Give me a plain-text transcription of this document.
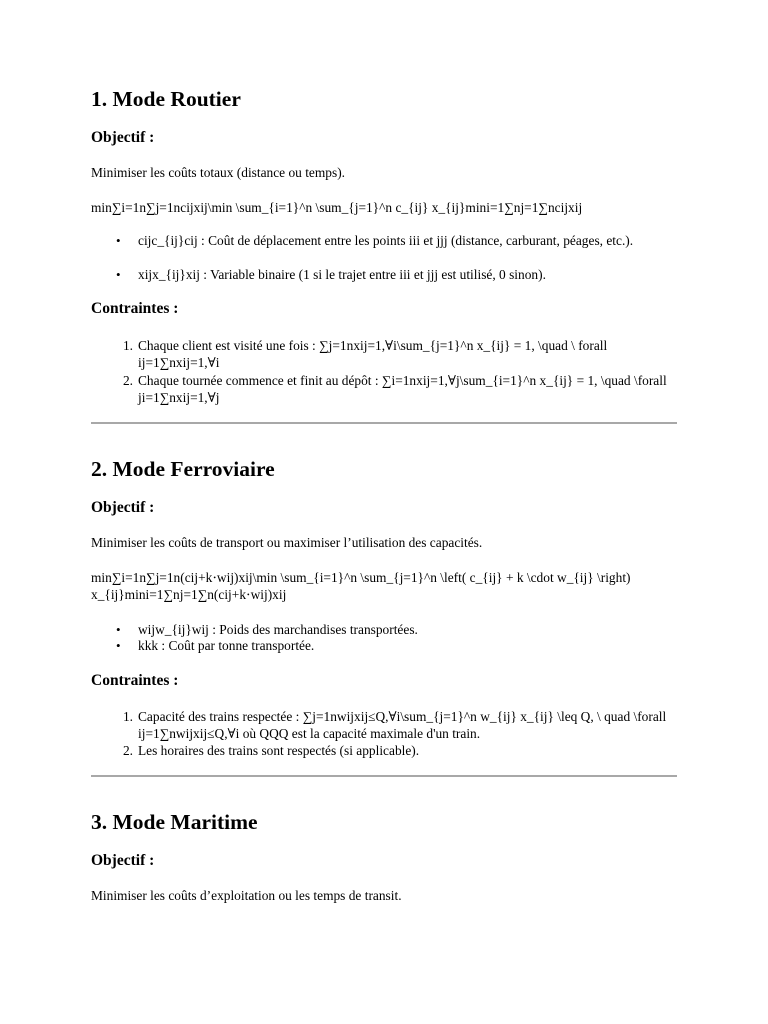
1. Mode Routier
Objectif :
Minimiser les coûts totaux (distance ou temps).
min∑i=1n∑j=1ncijxij\min \sum_{i=1}^n \sum_{j=1}^n c_{ij} x_{ij}mini=1∑nj=1∑ncijxij
• cijc_{ij}cij : Coût de déplacement entre les points iii et jjj (distance, carburant, péages, etc.).
• xijx_{ij}xij : Variable binaire (1 si le trajet entre iii et jjj est utilisé, 0 sinon).
Contraintes :
1. Chaque client est visité une fois : ∑j=1nxij=1,∀i\sum_{j=1}^n x_{ij} = 1, \quad \ forall ij=1∑nxij=1,∀i
2. Chaque tournée commence et finit au dépôt : ∑i=1nxij=1,∀j\sum_{i=1}^n x_{ij} = 1, \quad \forall ji=1∑nxij=1,∀j
2. Mode Ferroviaire
Objectif :
Minimiser les coûts de transport ou maximiser l’utilisation des capacités.
min∑i=1n∑j=1n(cij+k⋅wij)xij\min \sum_{i=1}^n \sum_{j=1}^n \left( c_{ij} + k \cdot w_{ij} \right) x_{ij}mini=1∑nj=1∑n(cij+k⋅wij)xij
• wijw_{ij}wij : Poids des marchandises transportées.
• kkk : Coût par tonne transportée.
Contraintes :
1. Capacité des trains respectée : ∑j=1nwijxij≤Q,∀i\sum_{j=1}^n w_{ij} x_{ij} \leq Q, \ quad \forall ij=1∑nwijxij≤Q,∀i où QQQ est la capacité maximale d'un train.
2. Les horaires des trains sont respectés (si applicable).
3. Mode Maritime
Objectif :
Minimiser les coûts d’exploitation ou les temps de transit.
